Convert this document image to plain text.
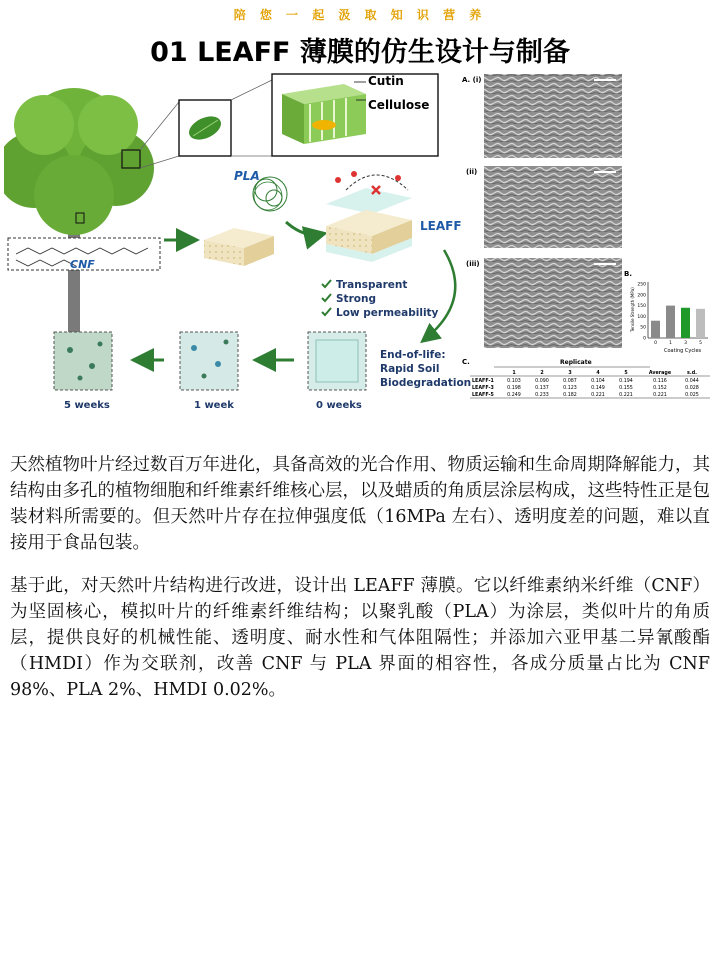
陪 您 一 起 汲 取 知 识 营 养
01 LEAFF 薄膜的仿生设计与制备
Cutin
Cellulose
CNF
PLA
LEAFF
Transparent
Strong
Low permeability
End-of-life:
Rapid Soil
Biodegradation
5 weeks	1 week	0 weeks
A. (i)
(ii)
(iii)
B.
250
200
150
100
50
0
0	1	3	5
Tensile Strength (MPa)
Coating Cycles
C.	Replicate
1	2	3	4	5	Average	s.d.
LEAFF-1	0.103	0.090	0.087	0.104	0.194	0.116	0.044
LEAFF-3	0.198	0.137	0.123	0.149	0.155	0.152	0.028
LEAFF-5	0.249	0.233	0.182	0.221	0.221	0.221	0.025

天然植物叶片经过数百万年进化，具备高效的光合作用、物质运输和生命周期降解能力，其结构由多孔的植物细胞和纤维素纤维核心层，以及蜡质的角质层涂层构成，这些特性正是包装材料所需要的。但天然叶片存在拉伸强度低（16MPa 左右）、透明度差的问题，难以直接用于食品包装。

基于此，对天然叶片结构进行改进，设计出 LEAFF 薄膜。它以纤维素纳米纤维（CNF）为坚固核心，模拟叶片的纤维素纤维结构；以聚乳酸（PLA）为涂层，类似叶片的角质层，提供良好的机械性能、透明度、耐水性和气体阻隔性；并添加六亚甲基二异氰酸酯（HMDI）作为交联剂，改善 CNF 与 PLA 界面的相容性，各成分质量占比为 CNF 98%、PLA 2%、HMDI 0.02%。
